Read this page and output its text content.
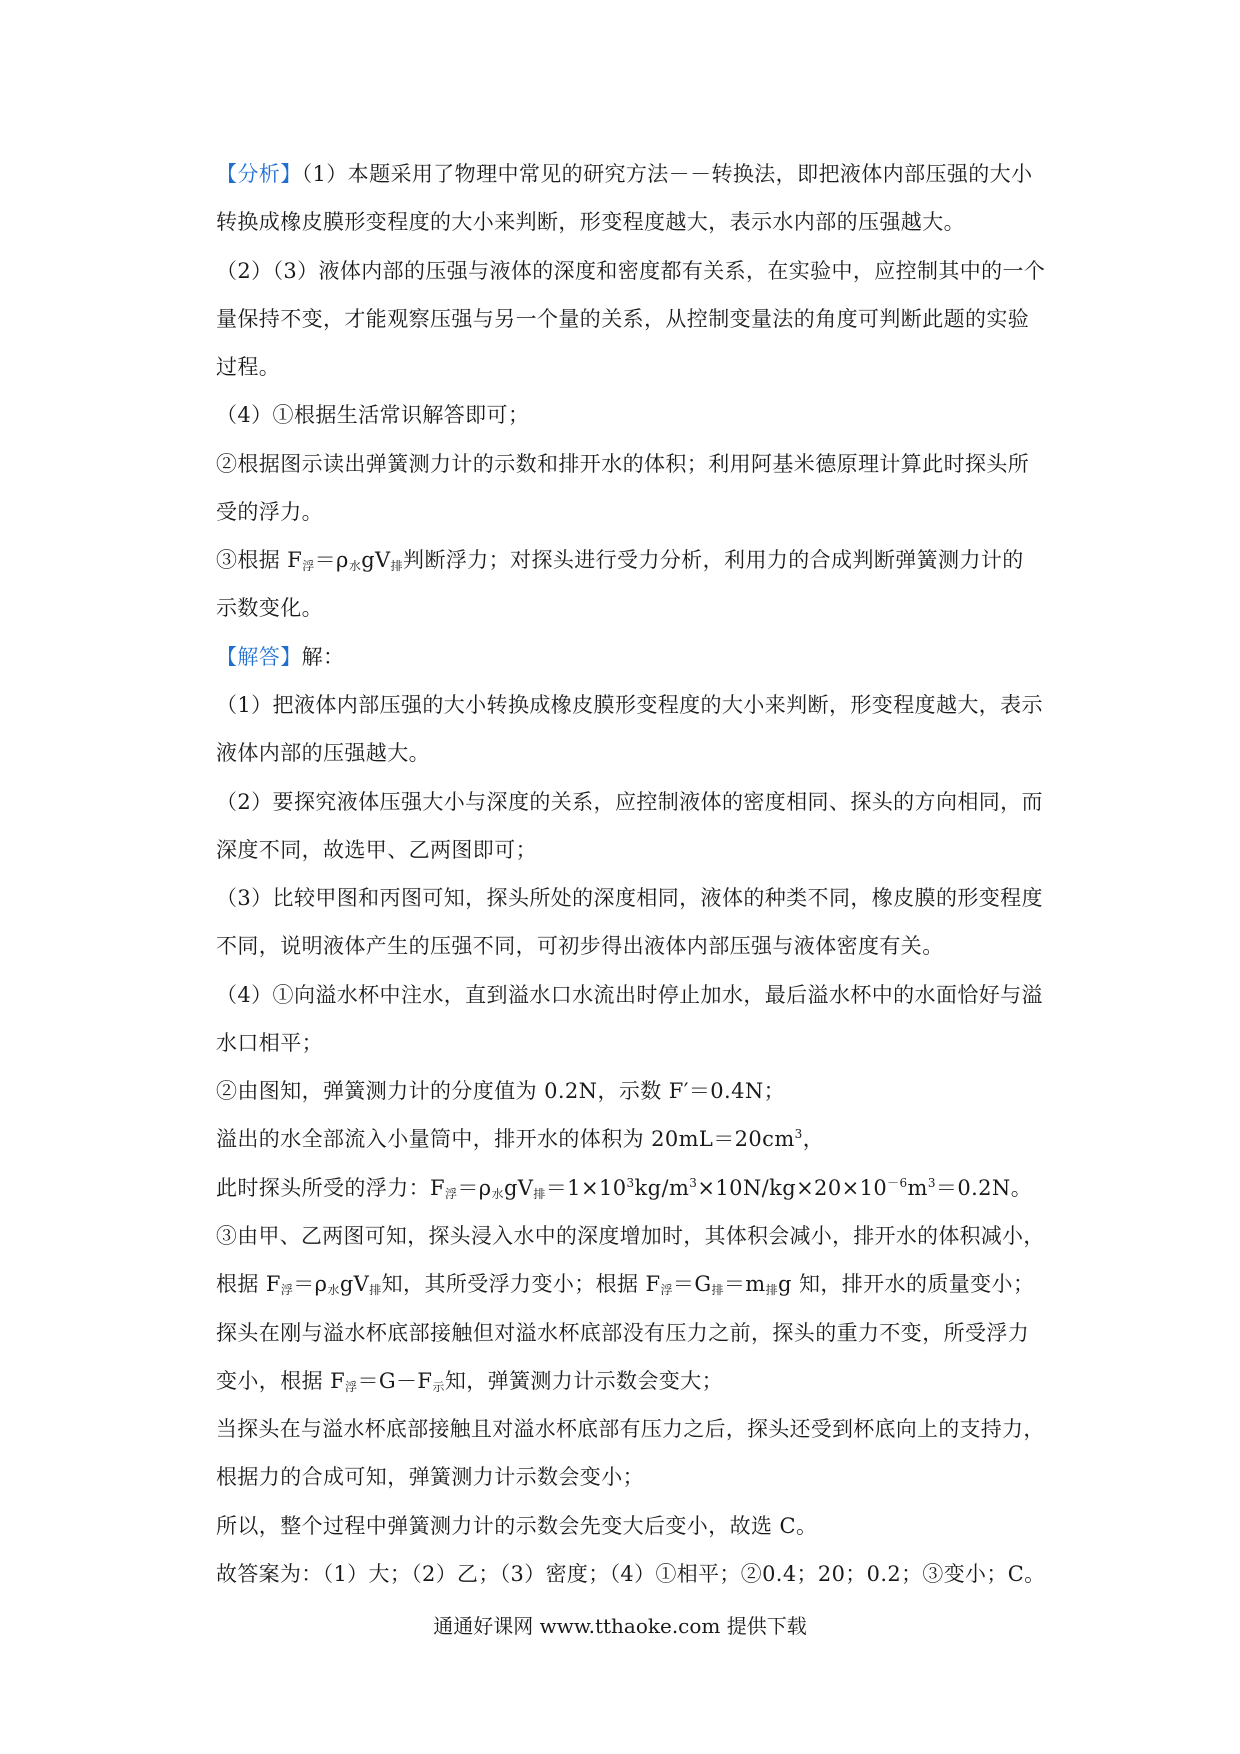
【分析】（1）本题采用了物理中常见的研究方法－－转换法，即把液体内部压强的大小
转换成橡皮膜形变程度的大小来判断，形变程度越大，表示水内部的压强越大。
（2）（3）液体内部的压强与液体的深度和密度都有关系，在实验中，应控制其中的一个
量保持不变，才能观察压强与另一个量的关系，从控制变量法的角度可判断此题的实验
过程。
（4）①根据生活常识解答即可；
②根据图示读出弹簧测力计的示数和排开水的体积；利用阿基米德原理计算此时探头所
受的浮力。
③根据 $F_浮=\rho_水gV_排$判断浮力；对探头进行受力分析，利用力的合成判断弹簧测力计的
示数变化。
【解答】解：
（1）把液体内部压强的大小转换成橡皮膜形变程度的大小来判断，形变程度越大，表示
液体内部的压强越大。
（2）要探究液体压强大小与深度的关系，应控制液体的密度相同、探头的方向相同，而
深度不同，故选甲、乙两图即可；
（3）比较甲图和丙图可知，探头所处的深度相同，液体的种类不同，橡皮膜的形变程度
不同，说明液体产生的压强不同，可初步得出液体内部压强与液体密度有关。
（4）①向溢水杯中注水，直到溢水口水流出时停止加水，最后溢水杯中的水面恰好与溢
水口相平；
②由图知，弹簧测力计的分度值为 0.2N，示数 F′＝0.4N；
溢出的水全部流入小量筒中，排开水的体积为 $20mL=20cm^3$，
此时探头所受的浮力：$F_浮=\rho_水gV_排=1\times 10^3kg/m^3\times 10N/kg\times 20\times 10^{-6}m^3=0.2N$。
③由甲、乙两图可知，探头浸入水中的深度增加时，其体积会减小，排开水的体积减小，
根据 $F_浮=\rho_水gV_排$知，其所受浮力变小；根据 $F_浮=G_排=m_排g$ 知，排开水的质量变小；
探头在刚与溢水杯底部接触但对溢水杯底部没有压力之前，探头的重力不变，所受浮力
变小，根据 $F_浮=G-F_示$知，弹簧测力计示数会变大；
当探头在与溢水杯底部接触且对溢水杯底部有压力之后，探头还受到杯底向上的支持力，
根据力的合成可知，弹簧测力计示数会变小；
所以，整个过程中弹簧测力计的示数会先变大后变小，故选 C。
故答案为：（1）大；（2）乙；（3）密度；（4）①相平；②0.4；20；0.2；③变小；C。
通通好课网 www.tthaoke.com 提供下载
